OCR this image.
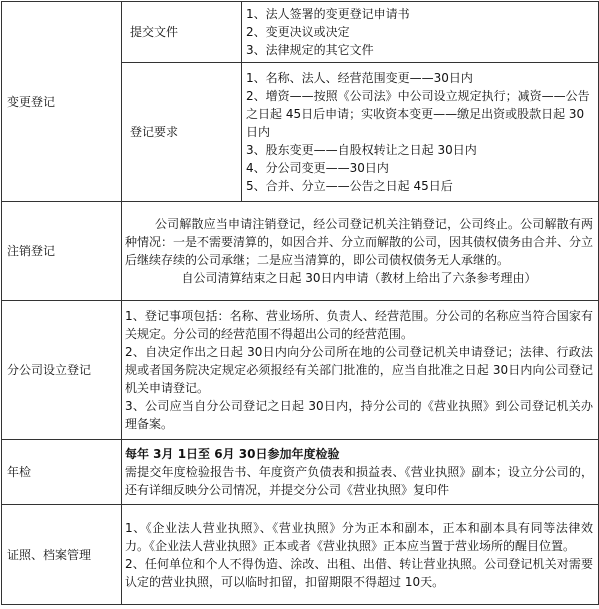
变更登记	提交文件	1、法人签署的变更登记申请书
2、变更决议或决定
3、法律规定的其它文件

	登记要求	1、名称、法人、经营范围变更——30日内
2、增资——按照《公司法》中公司设立规定执行；减资——公告之日起 45日后申请；实收资本变更——缴足出资或股款日起 30日内
3、股东变更——自股权转让之日起 30日内
4、分公司变更——30日内
5、合并、分立——公告之日起 45日后

注销登记	公司解散应当申请注销登记，经公司登记机关注销登记，公司终止。公司解散有两种情况：一是不需要清算的，如因合并、分立而解散的公司，因其债权债务由合并、分立后继续存续的公司承继；二是应当清算的，即公司债权债务无人承继的。
自公司清算结束之日起 30日内申请（教材上给出了六条参考理由）	

分公司设立登记	1、登记事项包括：名称、营业场所、负责人、经营范围。分公司的名称应当符合国家有关规定。分公司的经营范围不得超出公司的经营范围。
2、自决定作出之日起 30日内向分公司所在地的公司登记机关申请登记；法律、行政法规或者国务院决定规定必须报经有关部门批准的，应当自批准之日起 30日内向公司登记机关申请登记。
3、公司应当自分公司登记之日起 30日内，持分公司的《营业执照》到公司登记机关办理备案。	

年检	每年 3月 1日至 6月 30日参加年度检验
需提交年度检验报告书、年度资产负债表和损益表、《营业执照》副本；设立分公司的，还有详细反映分公司情况，并提交分公司《营业执照》复印件	

证照、档案管理	1、《企业法人营业执照》、《营业执照》分为正本和副本，正本和副本具有同等法律效力。《企业法人营业执照》正本或者《营业执照》正本应当置于营业场所的醒目位置。
2、任何单位和个人不得伪造、涂改、出租、出借、转让营业执照。公司登记机关对需要认定的营业执照，可以临时扣留，扣留期限不得超过 10天。	
